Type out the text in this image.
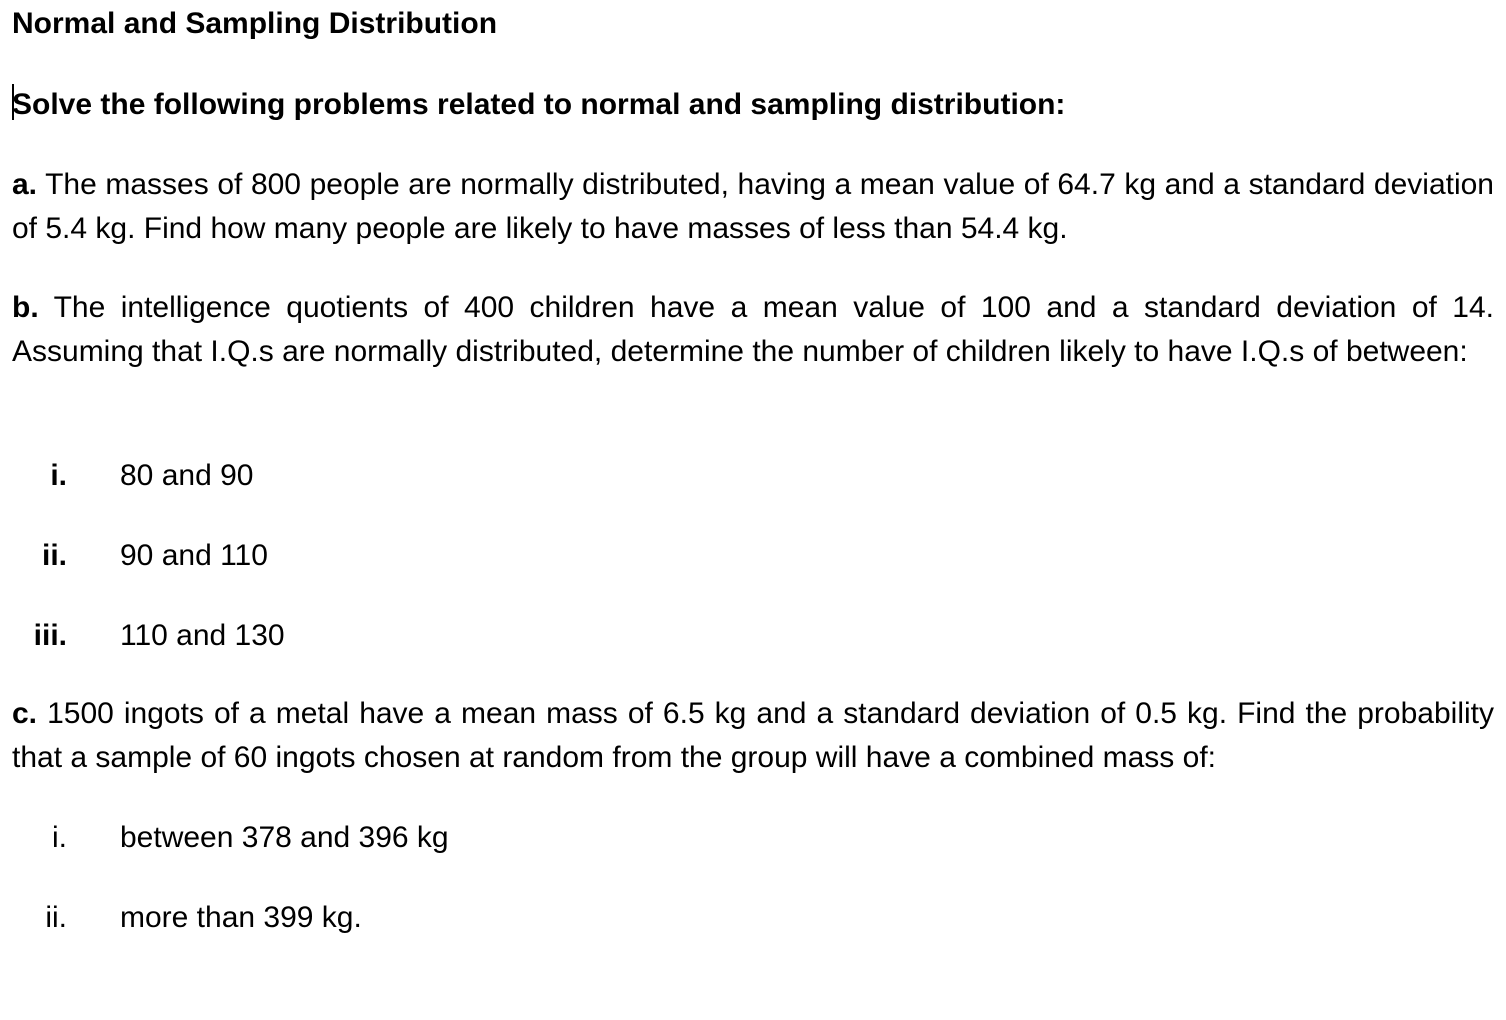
Normal and Sampling Distribution
Solve the following problems related to normal and sampling distribution:
a. The masses of 800 people are normally distributed, having a mean value of 64.7 kg and a standard deviation of 5.4 kg. Find how many people are likely to have masses of less than 54.4 kg.
b. The intelligence quotients of 400 children have a mean value of 100 and a standard deviation of 14. Assuming that I.Q.s are normally distributed, determine the number of children likely to have I.Q.s of between:
i. 80 and 90
ii. 90 and 110
iii. 110 and 130
c. 1500 ingots of a metal have a mean mass of 6.5 kg and a standard deviation of 0.5 kg. Find the probability that a sample of 60 ingots chosen at random from the group will have a combined mass of:
i. between 378 and 396 kg
ii. more than 399 kg.
